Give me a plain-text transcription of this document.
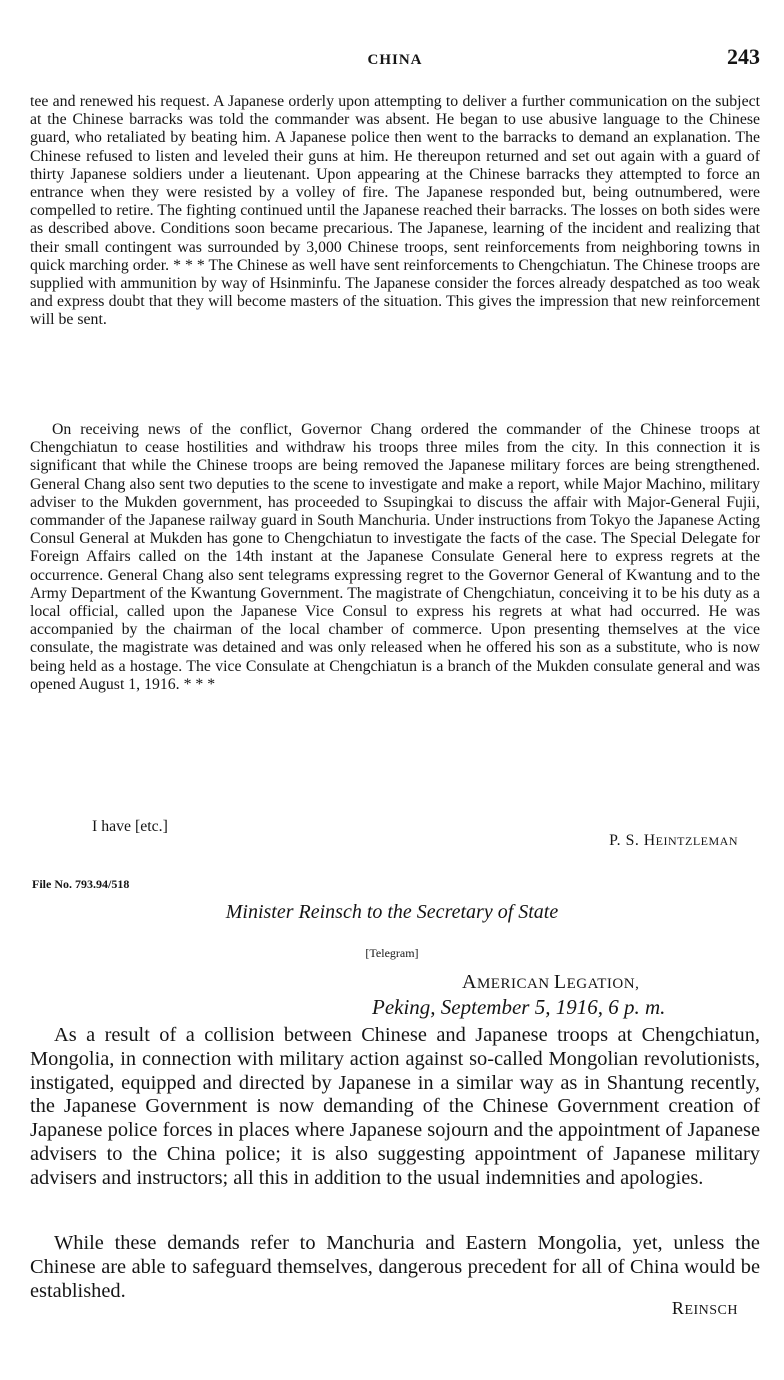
CHINA	243

tee and renewed his request. A Japanese orderly upon attempting to deliver a further communication on the subject at the Chinese barracks was told the commander was absent. He began to use abusive language to the Chinese guard, who retaliated by beating him. A Japanese police then went to the barracks to demand an explanation. The Chinese refused to listen and leveled their guns at him. He thereupon returned and set out again with a guard of thirty Japanese soldiers under a lieutenant. Upon appearing at the Chinese barracks they attempted to force an entrance when they were resisted by a volley of fire. The Japanese responded but, being outnumbered, were compelled to retire. The fighting continued until the Japanese reached their barracks. The losses on both sides were as described above. Conditions soon became precarious. The Japanese, learning of the incident and realizing that their small contingent was surrounded by 3,000 Chinese troops, sent reinforcements from neighboring towns in quick marching order. * * * The Chinese as well have sent reinforcements to Chengchiatun. The Chinese troops are supplied with ammunition by way of Hsinminfu. The Japanese consider the forces already despatched as too weak and express doubt that they will become masters of the situation. This gives the impression that new reinforcement will be sent.

On receiving news of the conflict, Governor Chang ordered the commander of the Chinese troops at Chengchiatun to cease hostilities and withdraw his troops three miles from the city. In this connection it is significant that while the Chinese troops are being removed the Japanese military forces are being strengthened. General Chang also sent two deputies to the scene to investigate and make a report, while Major Machino, military adviser to the Mukden government, has proceeded to Ssupingkai to discuss the affair with Major-General Fujii, commander of the Japanese railway guard in South Manchuria. Under instructions from Tokyo the Japanese Acting Consul General at Mukden has gone to Chengchiatun to investigate the facts of the case. The Special Delegate for Foreign Affairs called on the 14th instant at the Japanese Consulate General here to express regrets at the occurrence. General Chang also sent telegrams expressing regret to the Governor General of Kwantung and to the Army Department of the Kwantung Government. The magistrate of Chengchiatun, conceiving it to be his duty as a local official, called upon the Japanese Vice Consul to express his regrets at what had occurred. He was accompanied by the chairman of the local chamber of commerce. Upon presenting themselves at the vice consulate, the magistrate was detained and was only released when he offered his son as a substitute, who is now being held as a hostage. The vice Consulate at Chengchiatun is a branch of the Mukden consulate general and was opened August 1, 1916. * * *

I have [etc.]
P. S. HEINTZLEMAN
File No. 793.94/518
Minister Reinsch to the Secretary of State
[Telegram]
AMERICAN LEGATION,
Peking, September 5, 1916, 6 p. m.

As a result of a collision between Chinese and Japanese troops at Chengchiatun, Mongolia, in connection with military action against so-called Mongolian revolutionists, instigated, equipped and directed by Japanese in a similar way as in Shantung recently, the Japanese Government is now demanding of the Chinese Government creation of Japanese police forces in places where Japanese sojourn and the appointment of Japanese advisers to the China police; it is also suggesting appointment of Japanese military advisers and instructors; all this in addition to the usual indemnities and apologies.

While these demands refer to Manchuria and Eastern Mongolia, yet, unless the Chinese are able to safeguard themselves, dangerous precedent for all of China would be established.

REINSCH
